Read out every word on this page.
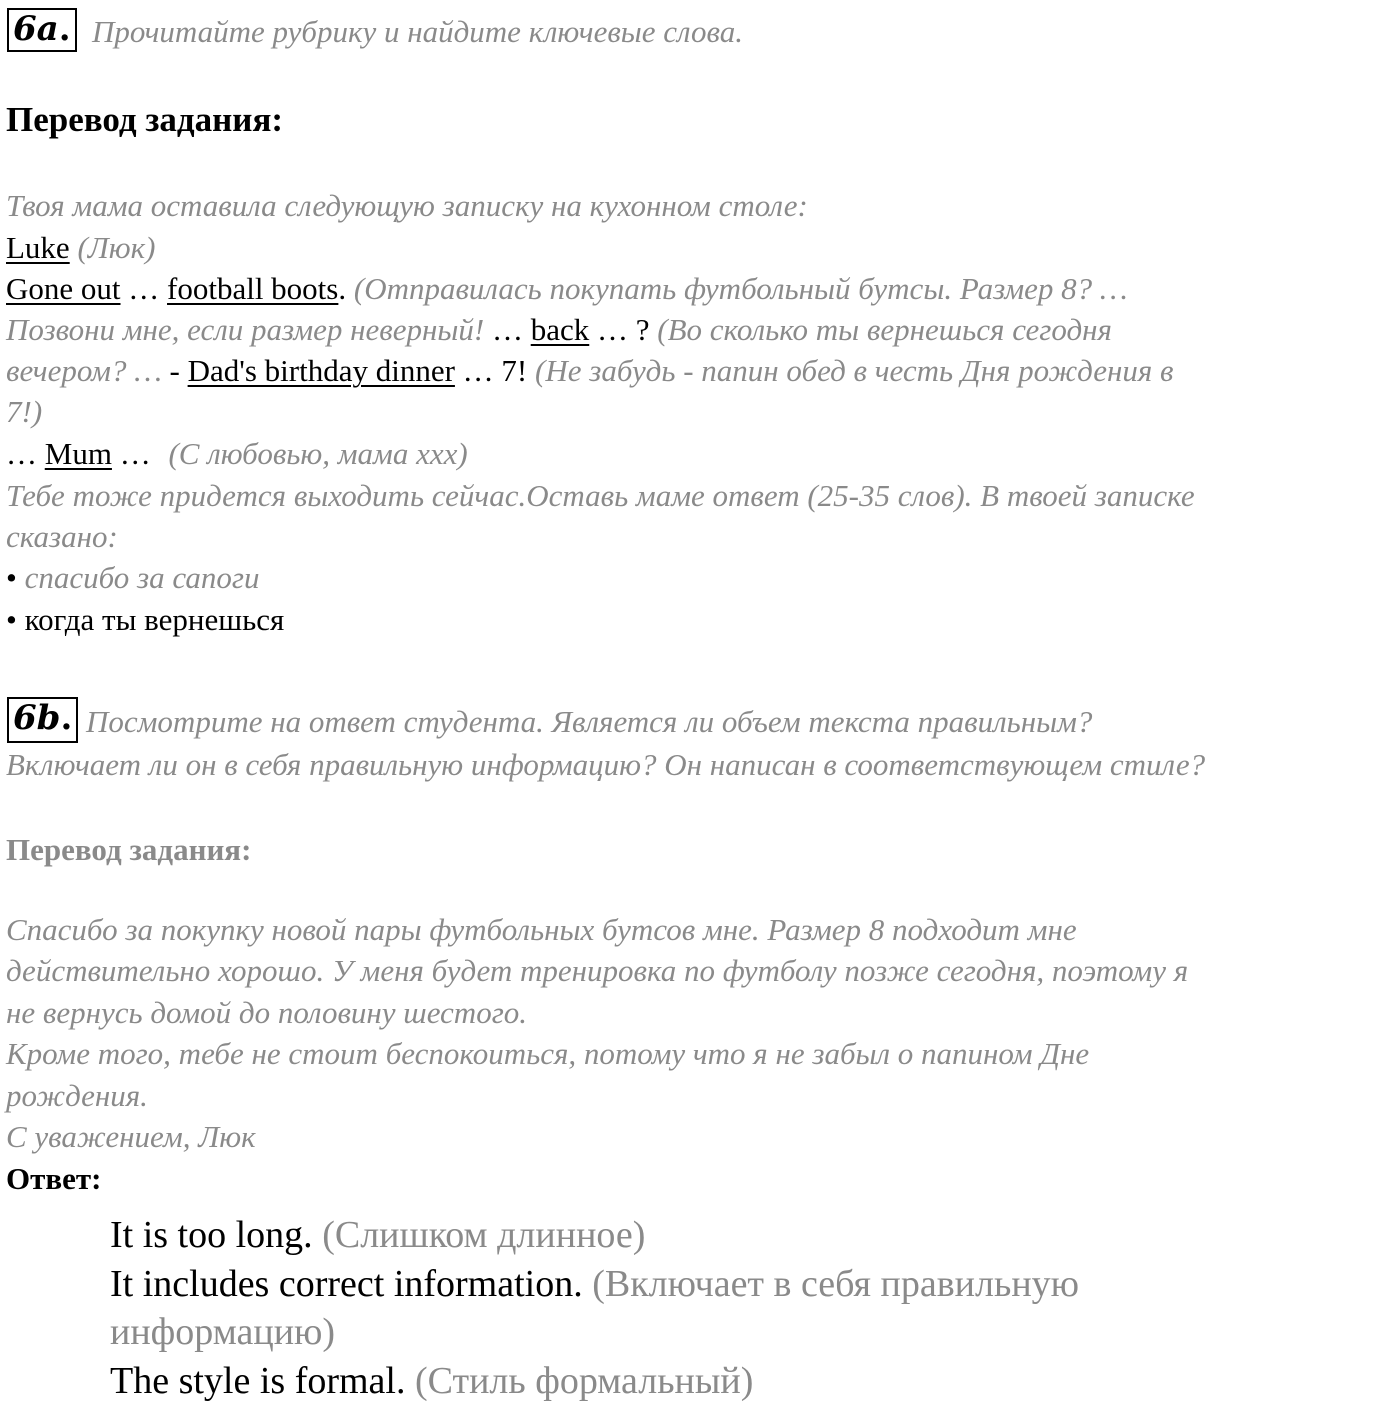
6a. Прочитайте рубрику и найдите ключевые слова.
Перевод задания:
Твоя мама оставила следующую записку на кухонном столе:
Luke (Люк)
Gone out … football boots. (Отправилась покупать футбольный бутсы. Размер 8? …
Позвони мне, если размер неверный! … back … ? (Во сколько ты вернешься сегодня
вечером? … - Dad's birthday dinner … 7! (Не забудь - папин обед в честь Дня рождения в
7!)
… Mum … (С любовью, мама ххх)
Тебе тоже придется выходить сейчас.Оставь маме ответ (25-35 слов). В твоей записке
сказано:
• спасибо за сапоги
• когда ты вернешься
6b. Посмотрите на ответ студента. Является ли объем текста правильным?
Включает ли он в себя правильную информацию? Он написан в соответствующем стиле?
Перевод задания:
Спасибо за покупку новой пары футбольных бутсов мне. Размер 8 подходит мне
действительно хорошо. У меня будет тренировка по футболу позже сегодня, поэтому я
не вернусь домой до половину шестого.
Кроме того, тебе не стоит беспокоиться, потому что я не забыл о папином Дне
рождения.
С уважением, Люк
Ответ:
It is too long. (Слишком длинное)
It includes correct information. (Включает в себя правильную
информацию)
The style is formal. (Стиль формальный)
